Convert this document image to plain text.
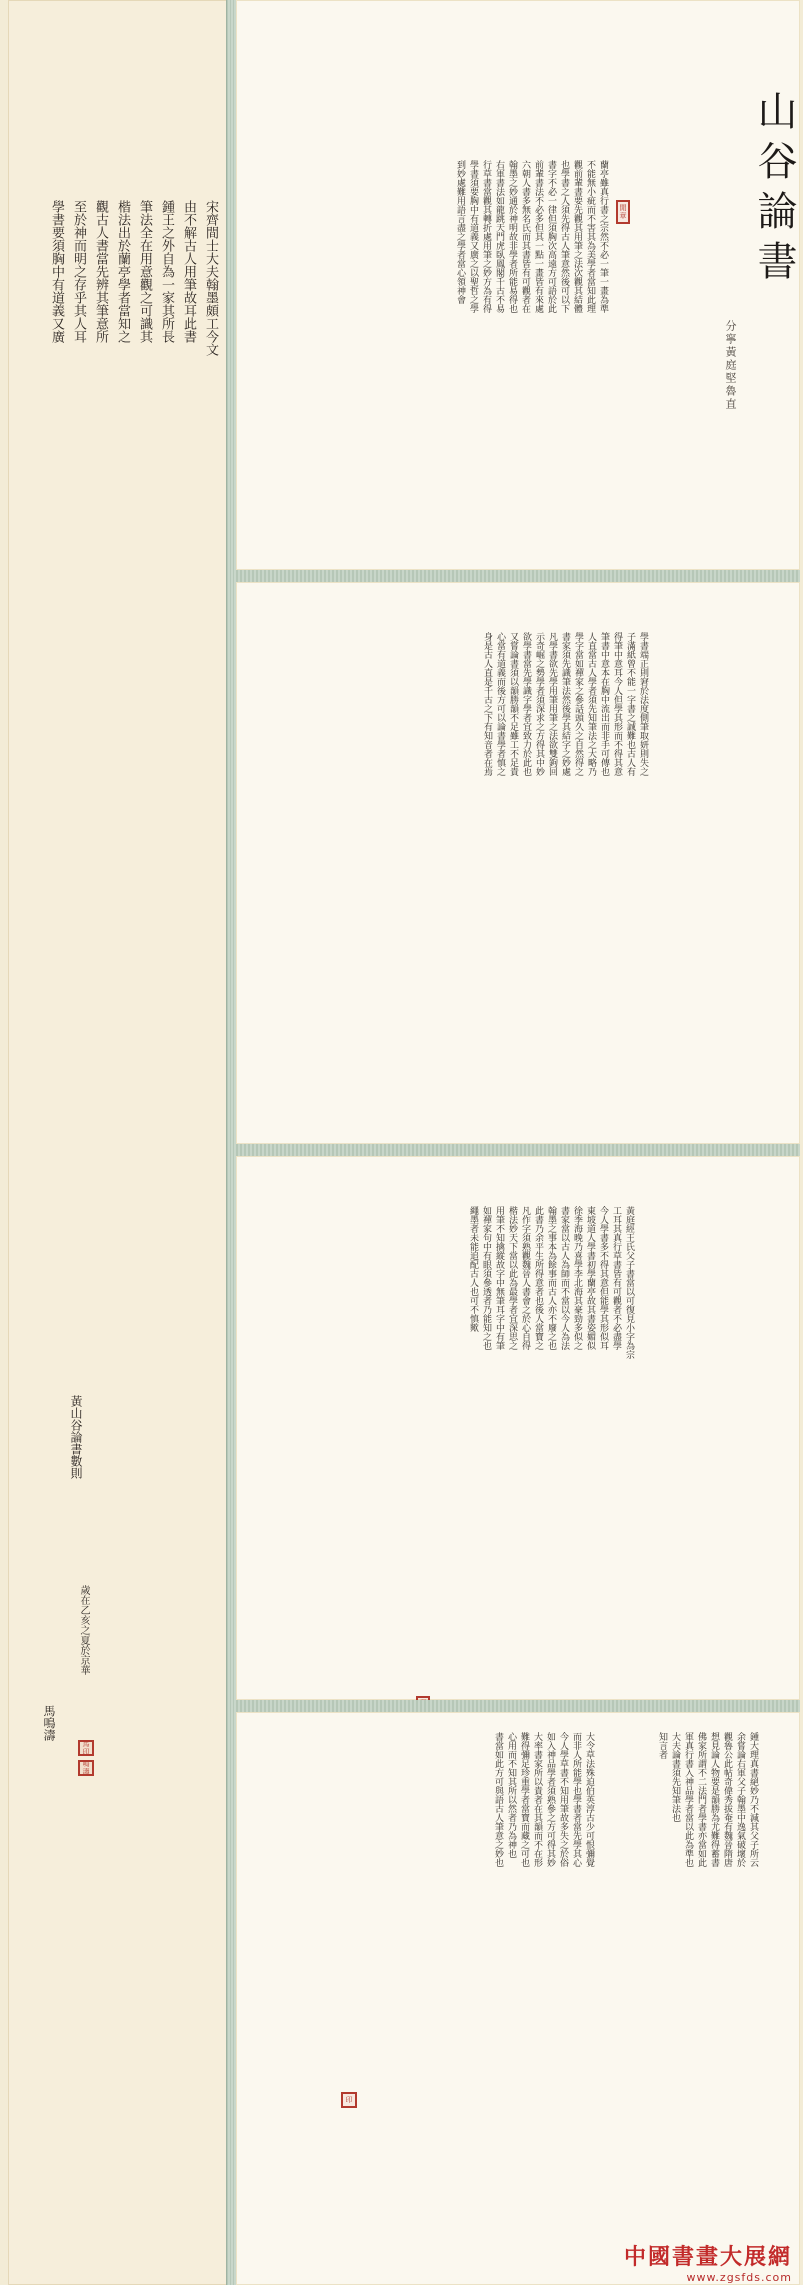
宋齊間士大夫翰墨頗工今文
由不解古人用筆故耳此書
鍾王之外自為一家其所長
筆法全在用意觀之可識其
楷法出於蘭亭學者當知之
觀古人書當先辨其筆意所
至於神而明之存乎其人耳
學書要須胸中有道義又廣
黃山谷論書數則
歲在乙亥之夏於京華
馬鳴濤
馬印
鳴濤
山谷論書
分寧黃庭堅魯直
閒章
蘭亭雖真行書之宗然不必一筆一畫為準
不能無小疵而不害其為美學者當知此理
觀前輩書要先觀其用筆之法次觀其結體
也學書之人須先得古人筆意然後可以下
書字不必一律但須胸次高遠方可語於此
前輩書法不必多但其一點一畫皆有來處
六朝人書多無名氏而其書皆有可觀者在
翰墨之妙通於神明故非學者所能易得也
右軍書法如龍跳天門虎臥鳳閣千古不易
行草書當觀其轉折處用筆之妙方為有得
學書須要胸中有道義又廣之以聖哲之學
到妙處難用語言盡之學者當心領神會
學書端正則窘於法度側筆取妍則失之
子滿紙曾不能一字書之誠難也古人有
得筆中意耳今人但學其形而不得其意
筆書中意本在胸中流出而非手可傳也
人直當古人學者須先知筆法之大略乃
學字當如禪家之參話頭久之自然得之
書家須先識筆法然後學其結字之妙處
凡學書欲先學用筆用筆之法欲雙鉤回
示奇崛之勢學者須深求之方得其中妙
欲學書當先學識字學者宜致力於此也
又嘗論書須以韻勝韻不足雖工不足貴
心當有道義而後方可以論書學者慎之
身是古人直是千古之下有知音者在焉
黃庭經王氏父子書當以可復見小字為宗
工耳其真行草書皆有可觀者不必盡學
今人學書多不得其意但能學其形似耳
東坡道人學書初學蘭亭故其書姿媚似
徐季海晚乃喜學李北海其豪勁多似之
書家當以古人為師而不當以今人為法
翰墨之事本為餘事而古人亦不廢之也
此書乃余平生所得意者也後人當寶之
凡作字須熟觀魏晉人書會之於心自得
楷法妙天下當以此為最學者宜深思之
用筆不知擒縱故字中無筆耳字中有筆
如禪家句中有眼須參透者乃能知之也
繩墨者未能追配古人也可不慎歟
鍾大理真書絕妙乃不減其父子所云
余嘗論右軍父子翰墨中逸氣破壞於
觀魯公此帖奇偉秀拔奄有魏晉隋唐
想見論人物要是韻勝為尤難得蓄書
佛家所謂不二法門者學書亦當如此
軍真行書入神品學者當以此為準也
大夫論書須先知筆法也
知言者
大令草法殊迫伯英淳古少可恨彌覺
而非人所能學也學書者當先學其心
今人學草書不知用筆故多失之於俗
如入神品學者須熟參之方可得其妙
大率書家所以貴者在其韻而不在形
難得彌足珍重學者當寶而藏之可也
心用而不知其所以然者乃為神也
書當如此方可與語古人筆意之妙也
印
中國書畫大展網
www.zgsfds.com
